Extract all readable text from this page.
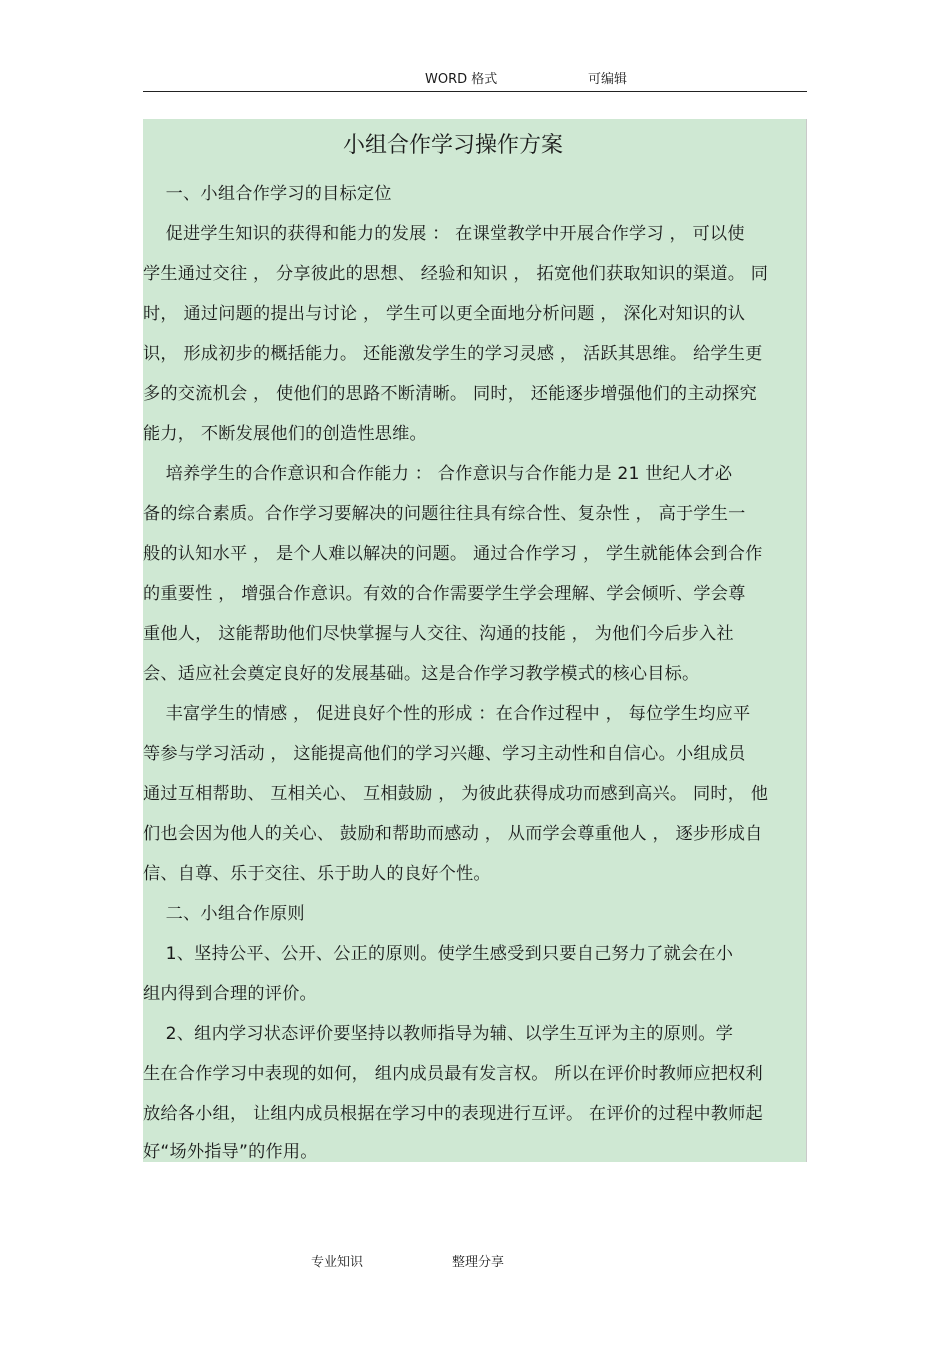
WORD 格式	可编辑
小组合作学习操作方案
一、小组合作学习的目标定位
促进学生知识的获得和能力的发展 ： 在课堂教学中开展合作学习 ， 可以使
学生通过交往 ， 分享彼此的思想、 经验和知识 ， 拓宽他们获取知识的渠道。 同
时， 通过问题的提出与讨论 ， 学生可以更全面地分析问题 ， 深化对知识的认
识， 形成初步的概括能力。 还能激发学生的学习灵感 ， 活跃其思维。 给学生更
多的交流机会 ， 使他们的思路不断清晰。 同时， 还能逐步增强他们的主动探究
能力， 不断发展他们的创造性思维。
培养学生的合作意识和合作能力 ： 合作意识与合作能力是 21 世纪人才必
备的综合素质。合作学习要解决的问题往往具有综合性、复杂性 ， 高于学生一
般的认知水平 ， 是个人难以解决的问题。 通过合作学习 ， 学生就能体会到合作
的重要性 ， 增强合作意识。有效的合作需要学生学会理解、学会倾听、学会尊
重他人， 这能帮助他们尽快掌握与人交往、沟通的技能 ， 为他们今后步入社
会、适应社会奠定良好的发展基础。这是合作学习教学模式的核心目标。
丰富学生的情感 ， 促进良好个性的形成 ：在合作过程中 ， 每位学生均应平
等参与学习活动 ， 这能提高他们的学习兴趣、学习主动性和自信心。小组成员
通过互相帮助、 互相关心、 互相鼓励 ， 为彼此获得成功而感到高兴。 同时， 他
们也会因为他人的关心、 鼓励和帮助而感动 ， 从而学会尊重他人 ， 逐步形成自
信、自尊、乐于交往、乐于助人的良好个性。
二、小组合作原则
1、坚持公平、公开、公正的原则。使学生感受到只要自己努力了就会在小
组内得到合理的评价。
2、组内学习状态评价要坚持以教师指导为辅、以学生互评为主的原则。学
生在合作学习中表现的如何， 组内成员最有发言权。 所以在评价时教师应把权利
放给各小组， 让组内成员根据在学习中的表现进行互评。 在评价的过程中教师起
好“场外指导”的作用。
专业知识	整理分享
